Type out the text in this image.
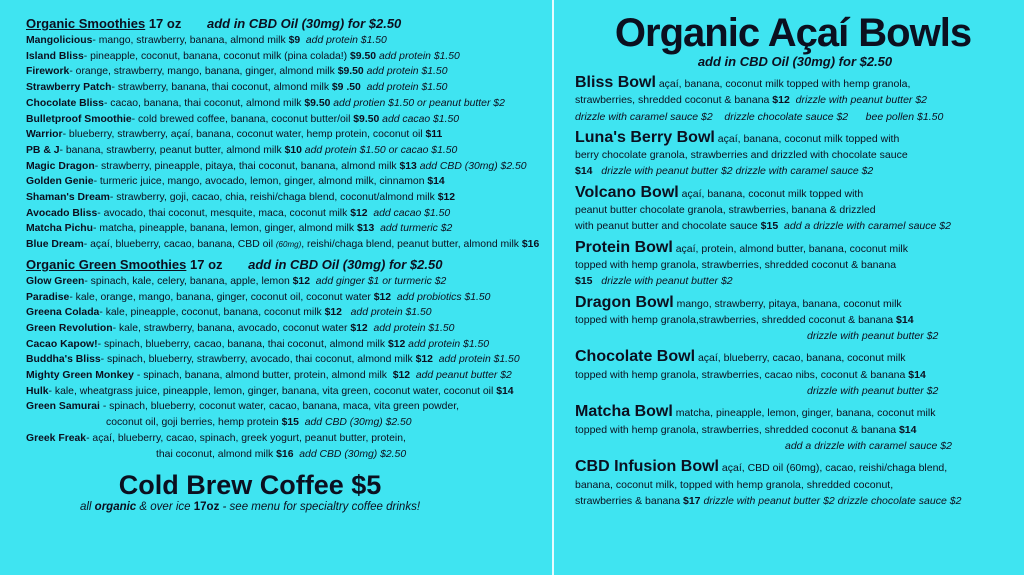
Organic Smoothies 17 oz add in CBD Oil (30mg) for $2.50
Mangolicious- mango, strawberry, banana, almond milk $9 add protein $1.50
Island Bliss- pineapple, coconut, banana, coconut milk (pina colada!) $9.50 add protein $1.50
Firework- orange, strawberry, mango, banana, ginger, almond milk $9.50 add protein $1.50
Strawberry Patch- strawberry, banana, thai coconut, almond milk $9 .50 add protein $1.50
Chocolate Bliss- cacao, banana, thai coconut, almond milk $9.50 add protien $1.50 or peanut butter $2
Bulletproof Smoothie- cold brewed coffee, banana, coconut butter/oil $9.50 add cacao $1.50
Warrior- blueberry, strawberry, açaí, banana, coconut water, hemp protein, coconut oil $11
PB & J- banana, strawberry, peanut butter, almond milk $10 add protein $1.50 or cacao $1.50
Magic Dragon- strawberry, pineapple, pitaya, thai coconut, banana, almond milk $13 add CBD (30mg) $2.50
Golden Genie- turmeric juice, mango, avocado, lemon, ginger, almond milk, cinnamon $14
Shaman's Dream- strawberry, goji, cacao, chia, reishi/chaga blend, coconut/almond milk $12
Avocado Bliss- avocado, thai coconut, mesquite, maca, coconut milk $12 add cacao $1.50
Matcha Pichu- matcha, pineapple, banana, lemon, ginger, almond milk $13 add turmeric $2
Blue Dream- açaí, blueberry, cacao, banana, CBD oil (60mg), reishi/chaga blend, peanut butter, almond milk $16
Organic Green Smoothies 17 oz add in CBD Oil (30mg) for $2.50
Glow Green- spinach, kale, celery, banana, apple, lemon $12 add ginger $1 or turmeric $2
Paradise- kale, orange, mango, banana, ginger, coconut oil, coconut water $12 add probiotics $1.50
Greena Colada- kale, pineapple, coconut, banana, coconut milk $12 add protein $1.50
Green Revolution- kale, strawberry, banana, avocado, coconut water $12 add protein $1.50
Cacao Kapow!- spinach, blueberry, cacao, banana, thai coconut, almond milk $12 add protein $1.50
Buddha's Bliss- spinach, blueberry, strawberry, avocado, thai coconut, almond milk $12 add protein $1.50
Mighty Green Monkey - spinach, banana, almond butter, protein, almond milk  $12 add peanut butter $2
Hulk- kale, wheatgrass juice, pineapple, lemon, ginger, banana, vita green, coconut water, coconut oil $14
Green Samurai - spinach, blueberry, coconut water, cacao, banana, maca, vita green powder,
coconut oil, goji berries, hemp protein $15 add CBD (30mg) $2.50
Greek Freak- açaí, blueberry, cacao, spinach, greek yogurt, peanut butter, protein,
thai coconut, almond milk $16 add CBD (30mg) $2.50
Cold Brew Coffee $5
all organic & over ice 17oz - see menu for specialtry coffee drinks!
Organic Açaí Bowls
add in CBD Oil (30mg) for $2.50
Bliss Bowl açaí, banana, coconut milk topped with hemp granola,
strawberries, shredded coconut & banana $12 drizzle with peanut butter $2
drizzle with caramel sauce $2    drizzle chocolate sauce $2      bee pollen $1.50
Luna's Berry Bowl açaí, banana, coconut milk topped with
berry chocolate granola, strawberries and drizzled with chocolate sauce
$14 drizzle with peanut butter $2 drizzle with caramel sauce $2
Volcano Bowl açaí, banana, coconut milk topped with
peanut butter chocolate granola, strawberries, banana & drizzled
with peanut butter and chocolate sauce $15 add a drizzle with caramel sauce $2
Protein Bowl açaí, protein, almond butter, banana, coconut milk
topped with hemp granola, strawberries, shredded coconut & banana
$15 drizzle with peanut butter $2
Dragon Bowl mango, strawberry, pitaya, banana, coconut milk
topped with hemp granola,strawberries, shredded coconut & banana $14
drizzle with peanut butter $2
Chocolate Bowl açaí, blueberry, cacao, banana, coconut milk
topped with hemp granola, strawberries, cacao nibs, coconut & banana $14
drizzle with peanut butter $2
Matcha Bowl matcha, pineapple, lemon, ginger, banana, coconut milk
topped with hemp granola, strawberries, shredded coconut & banana $14
add a drizzle with caramel sauce $2
CBD Infusion Bowl açaí, CBD oil (60mg), cacao, reishi/chaga blend,
banana, coconut milk, topped with hemp granola, shredded coconut,
strawberries & banana $17 drizzle with peanut butter $2 drizzle chocolate sauce $2
